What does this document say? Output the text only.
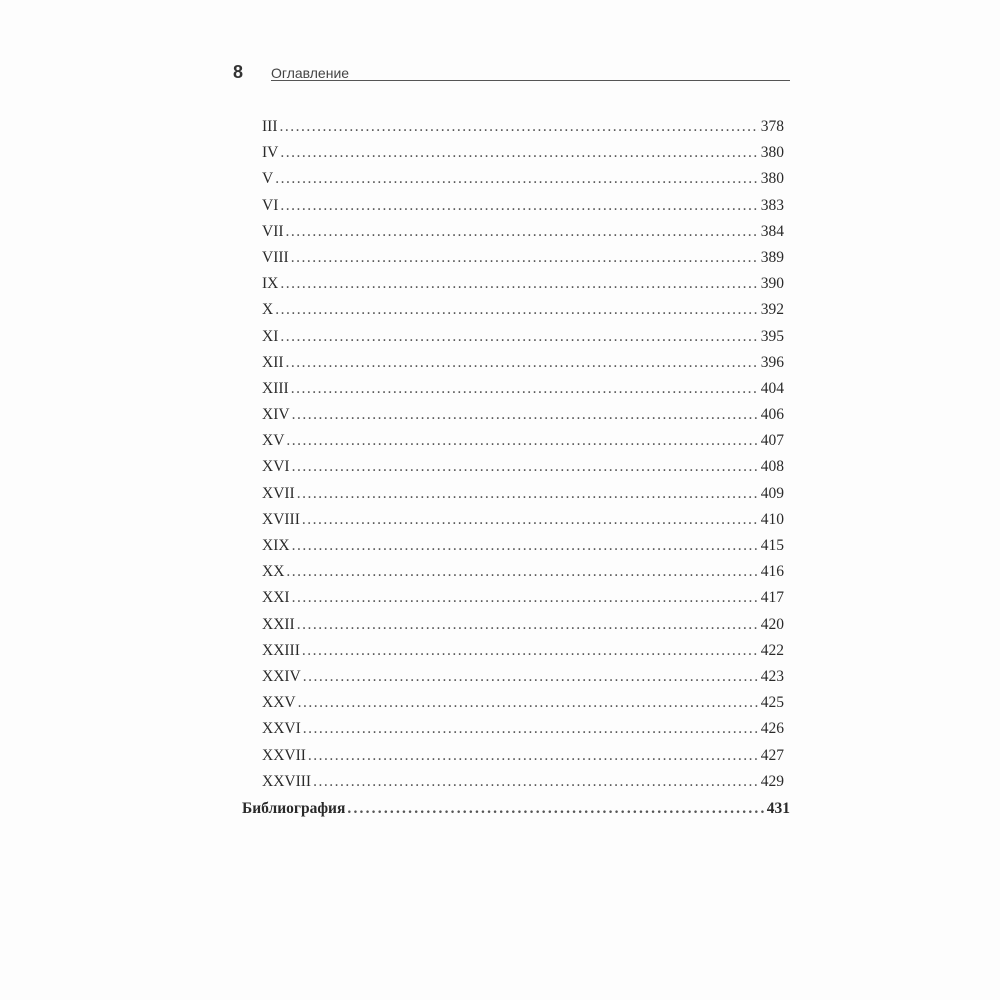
8 Оглавление
III .....	378
IV .....	380
V .....	380
VI .....	383
VII .....	384
VIII .....	389
IX .....	390
X .....	392
XI .....	395
XII .....	396
XIII .....	404
XIV .....	406
XV .....	407
XVI .....	408
XVII .....	409
XVIII .....	410
XIX .....	415
XX .....	416
XXI .....	417
XXII .....	420
XXIII .....	422
XXIV .....	423
XXV .....	425
XXVI .....	426
XXVII .....	427
XXVIII .....	429
Библиография .....	431
